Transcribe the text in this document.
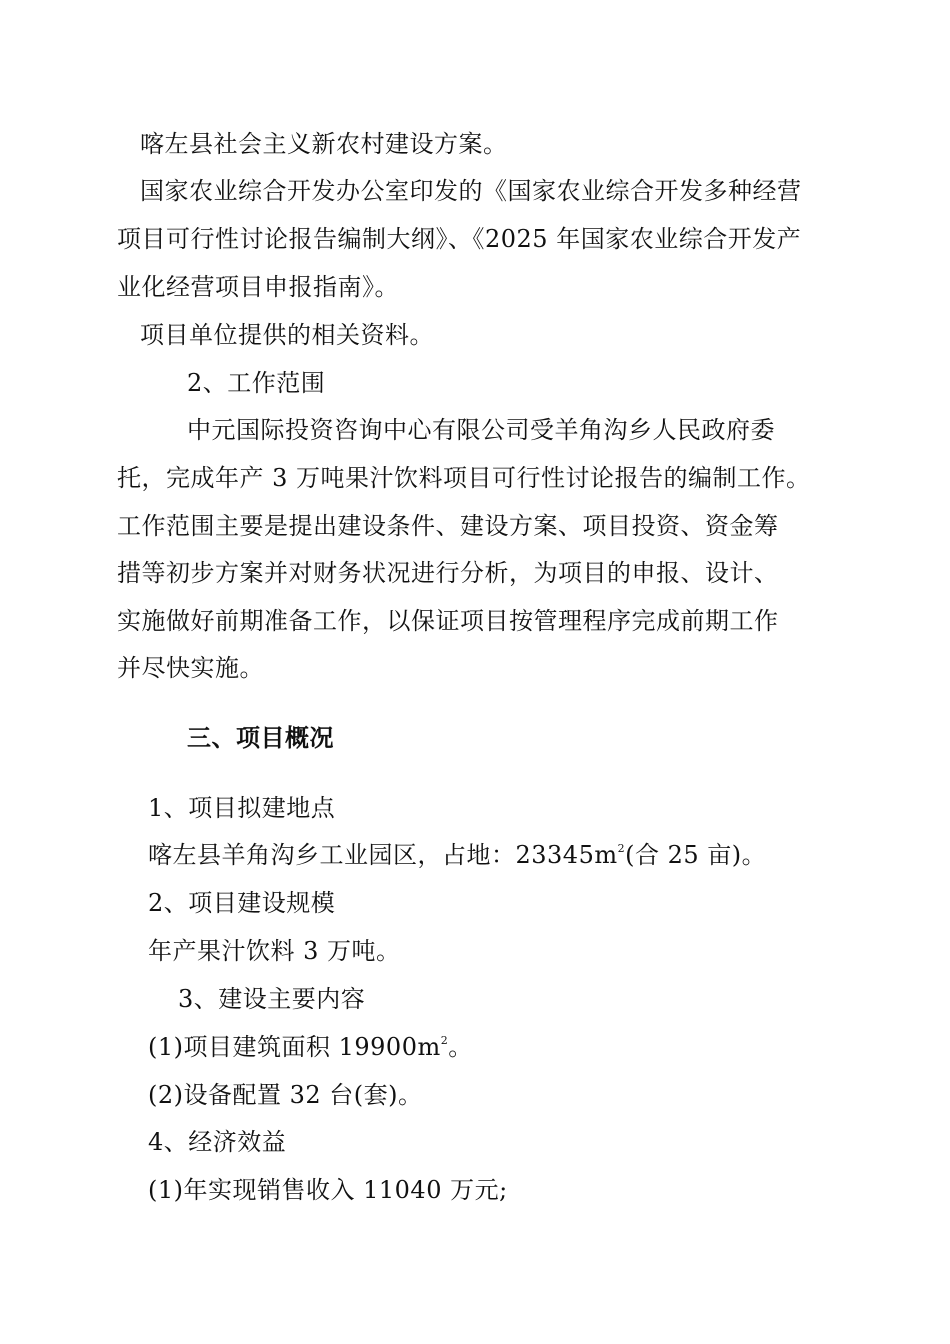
喀左县社会主义新农村建设方案。
国家农业综合开发办公室印发的《国家农业综合开发多种经营
项目可行性讨论报告编制大纲》、《2025 年国家农业综合开发产
业化经营项目申报指南》。
项目单位提供的相关资料。
2、工作范围
中元国际投资咨询中心有限公司受羊角沟乡人民政府委
托，完成年产 3 万吨果汁饮料项目可行性讨论报告的编制工作。
工作范围主要是提出建设条件、建设方案、项目投资、资金筹
措等初步方案并对财务状况进行分析，为项目的申报、设计、
实施做好前期准备工作，以保证项目按管理程序完成前期工作
并尽快实施。
三、项目概况
1、项目拟建地点
喀左县羊角沟乡工业园区，占地：$23345m^2$(合 25 亩)。
2、项目建设规模
年产果汁饮料 3 万吨。
3、建设主要内容
(1)项目建筑面积 $19900m^2$。
(2)设备配置 32 台(套)。
4、经济效益
(1)年实现销售收入 11040 万元;
